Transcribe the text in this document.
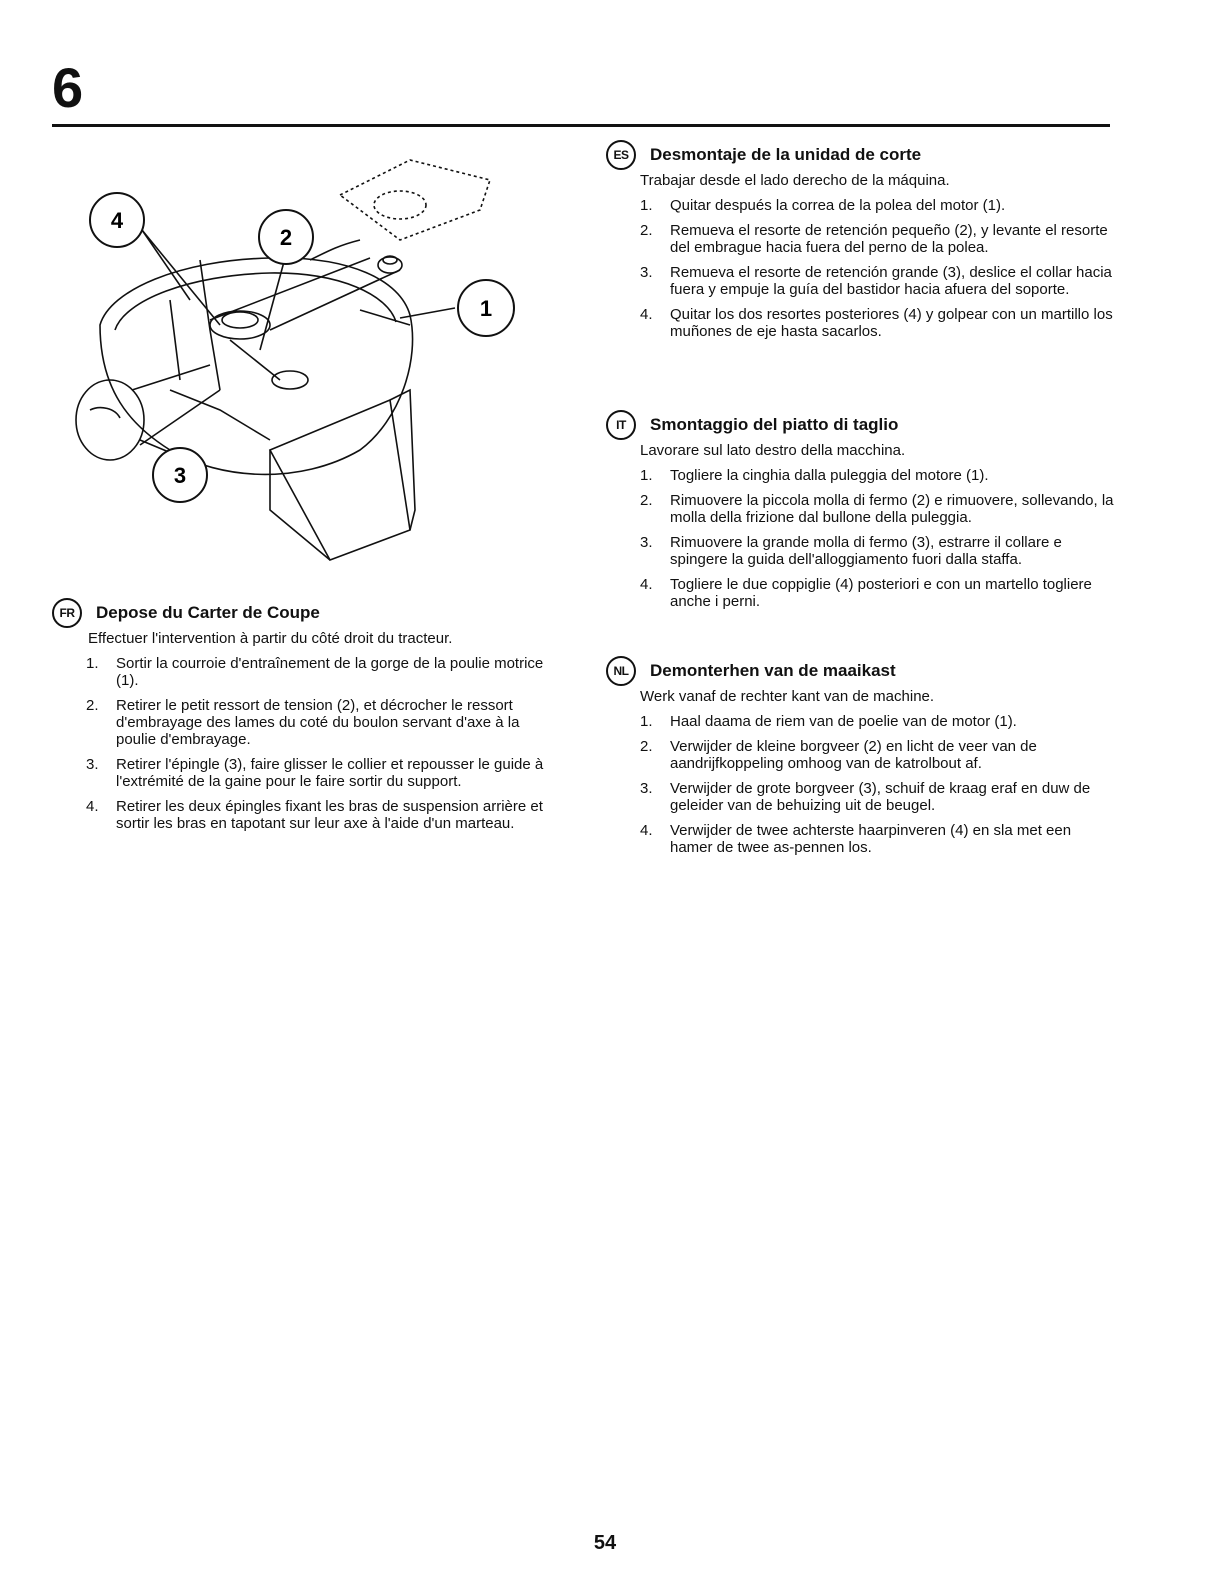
6
4
2
1
3
FR	Depose du Carter de Coupe
Effectuer l'intervention à partir du côté droit du tracteur.
1.	Sortir la courroie d'entraînement de la gorge de la poulie motrice (1).
2.	Retirer le petit ressort de tension (2), et décrocher le ressort d'embrayage des lames du coté du boulon servant d'axe à la poulie d'embrayage.
3.	Retirer l'épingle (3), faire glisser le collier et repousser le guide à l'extrémité de la gaine pour le faire sortir du support.
4.	Retirer les deux épingles fixant les bras de suspension arrière et sortir les bras en tapotant sur leur axe à l'aide d'un marteau.
ES	Desmontaje de la unidad de corte
Trabajar desde el lado derecho de la máquina.
1.	Quitar después la correa de la polea del motor (1).
2.	Remueva el resorte de retención pequeño (2), y levante el resorte del embrague hacia fuera del perno de la polea.
3.	Remueva el resorte de retención grande (3), deslice el collar hacia fuera y empuje la guía del bastidor hacia afuera del soporte.
4.	Quitar los dos resortes posteriores (4) y golpear con un martillo los muñones de eje hasta sacarlos.
IT	Smontaggio del piatto di taglio
Lavorare sul lato destro della macchina.
1.	Togliere la cinghia dalla puleggia del motore (1).
2.	Rimuovere la piccola molla di fermo (2) e rimuovere, sollevando, la molla della frizione dal bullone della puleggia.
3.	Rimuovere la grande molla di fermo (3), estrarre il collare e spingere la guida dell'alloggiamento fuori dalla staffa.
4.	Togliere le due coppiglie (4) posteriori e con un martello togliere anche i perni.
NL	Demonterhen van de maaikast
Werk vanaf de rechter kant van de machine.
1.	Haal daama de riem van de poelie van de motor (1).
2.	Verwijder de kleine borgveer (2) en licht de veer van de aandrijfkoppeling omhoog van de katrolbout af.
3.	Verwijder de grote borgveer (3), schuif de kraag eraf en duw de geleider van de behuizing uit de beugel.
4.	Verwijder de twee achterste haarpinveren (4) en sla met een hamer de twee as-pennen los.
54
